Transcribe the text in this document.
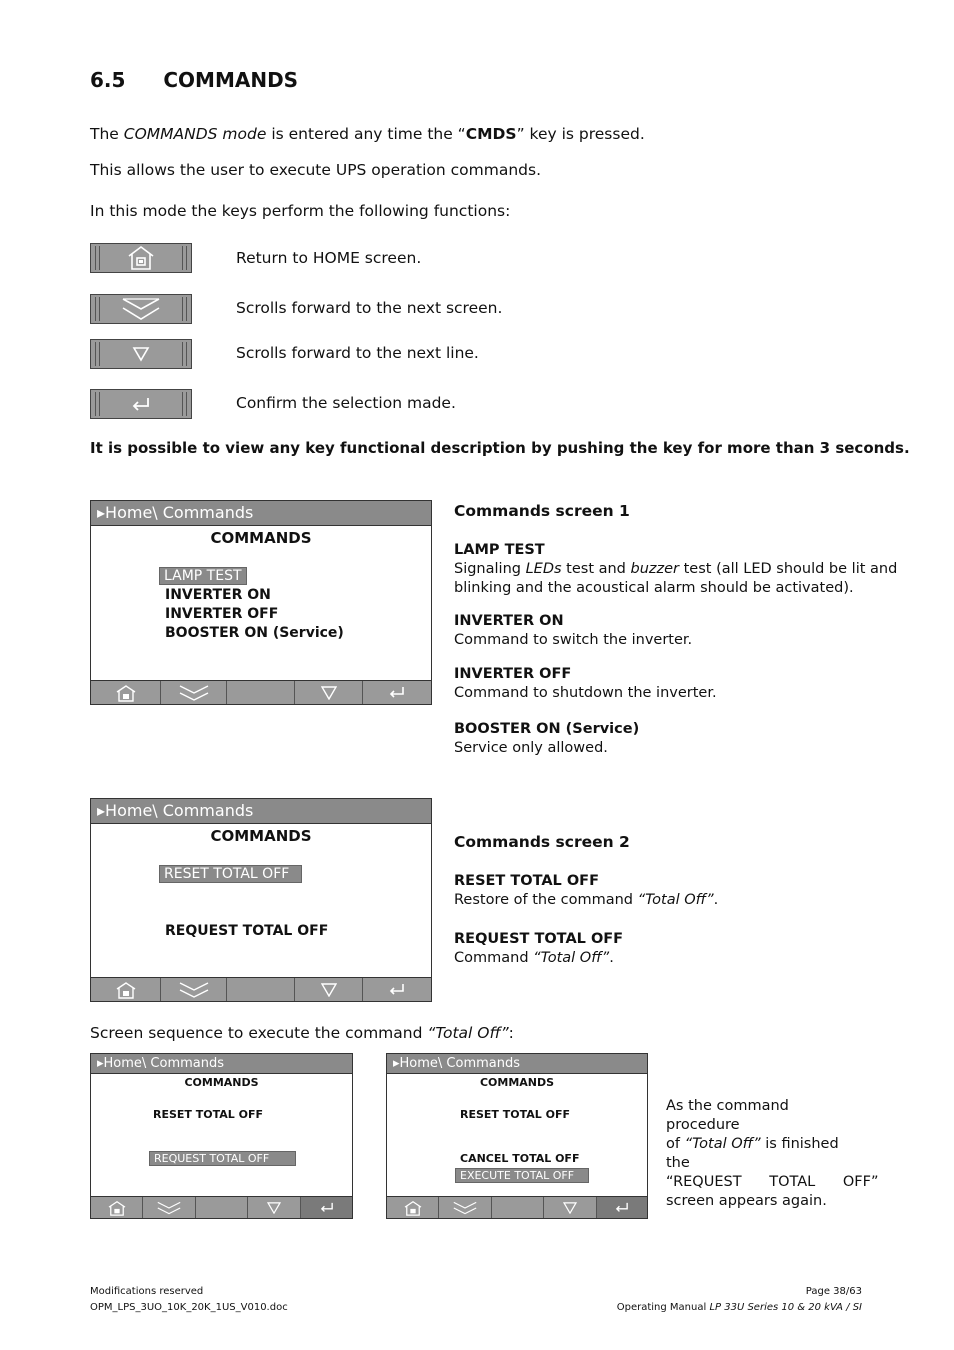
6.5 COMMANDS
The COMMANDS mode is entered any time the “CMDS” key is pressed.
This allows the user to execute UPS operation commands.
In this mode the keys perform the following functions:
Return to HOME screen.
Scrolls forward to the next screen.
Scrolls forward to the next line.
Confirm the selection made.
It is possible to view any key functional description by pushing the key for more than 3 seconds.
▸Home\ Commands
COMMANDS
LAMP TEST
INVERTER ON
INVERTER OFF
BOOSTER ON (Service)
Commands screen 1
LAMP TEST
Signaling LEDs test and buzzer test (all LED should be lit and
blinking and the acoustical alarm should be activated).
INVERTER ON
Command to switch the inverter.
INVERTER OFF
Command to shutdown the inverter.
BOOSTER ON (Service)
Service only allowed.
▸Home\ Commands
COMMANDS
RESET TOTAL OFF
REQUEST TOTAL OFF
Commands screen 2
RESET TOTAL OFF
Restore of the command “Total Off”.
REQUEST TOTAL OFF
Command “Total Off”.
Screen sequence to execute the command “Total Off”:
▸Home\ Commands
COMMANDS
RESET TOTAL OFF
REQUEST TOTAL OFF
▸Home\ Commands
COMMANDS
RESET TOTAL OFF
CANCEL TOTAL OFF
EXECUTE TOTAL OFF
As the command procedure
of “Total Off” is finished the
“REQUEST      TOTAL      OFF”
screen appears again.
Modifications reserved
OPM_LPS_3UO_10K_20K_1US_V010.doc
Page 38/63
Operating Manual LP 33U Series 10 & 20 kVA / SI
